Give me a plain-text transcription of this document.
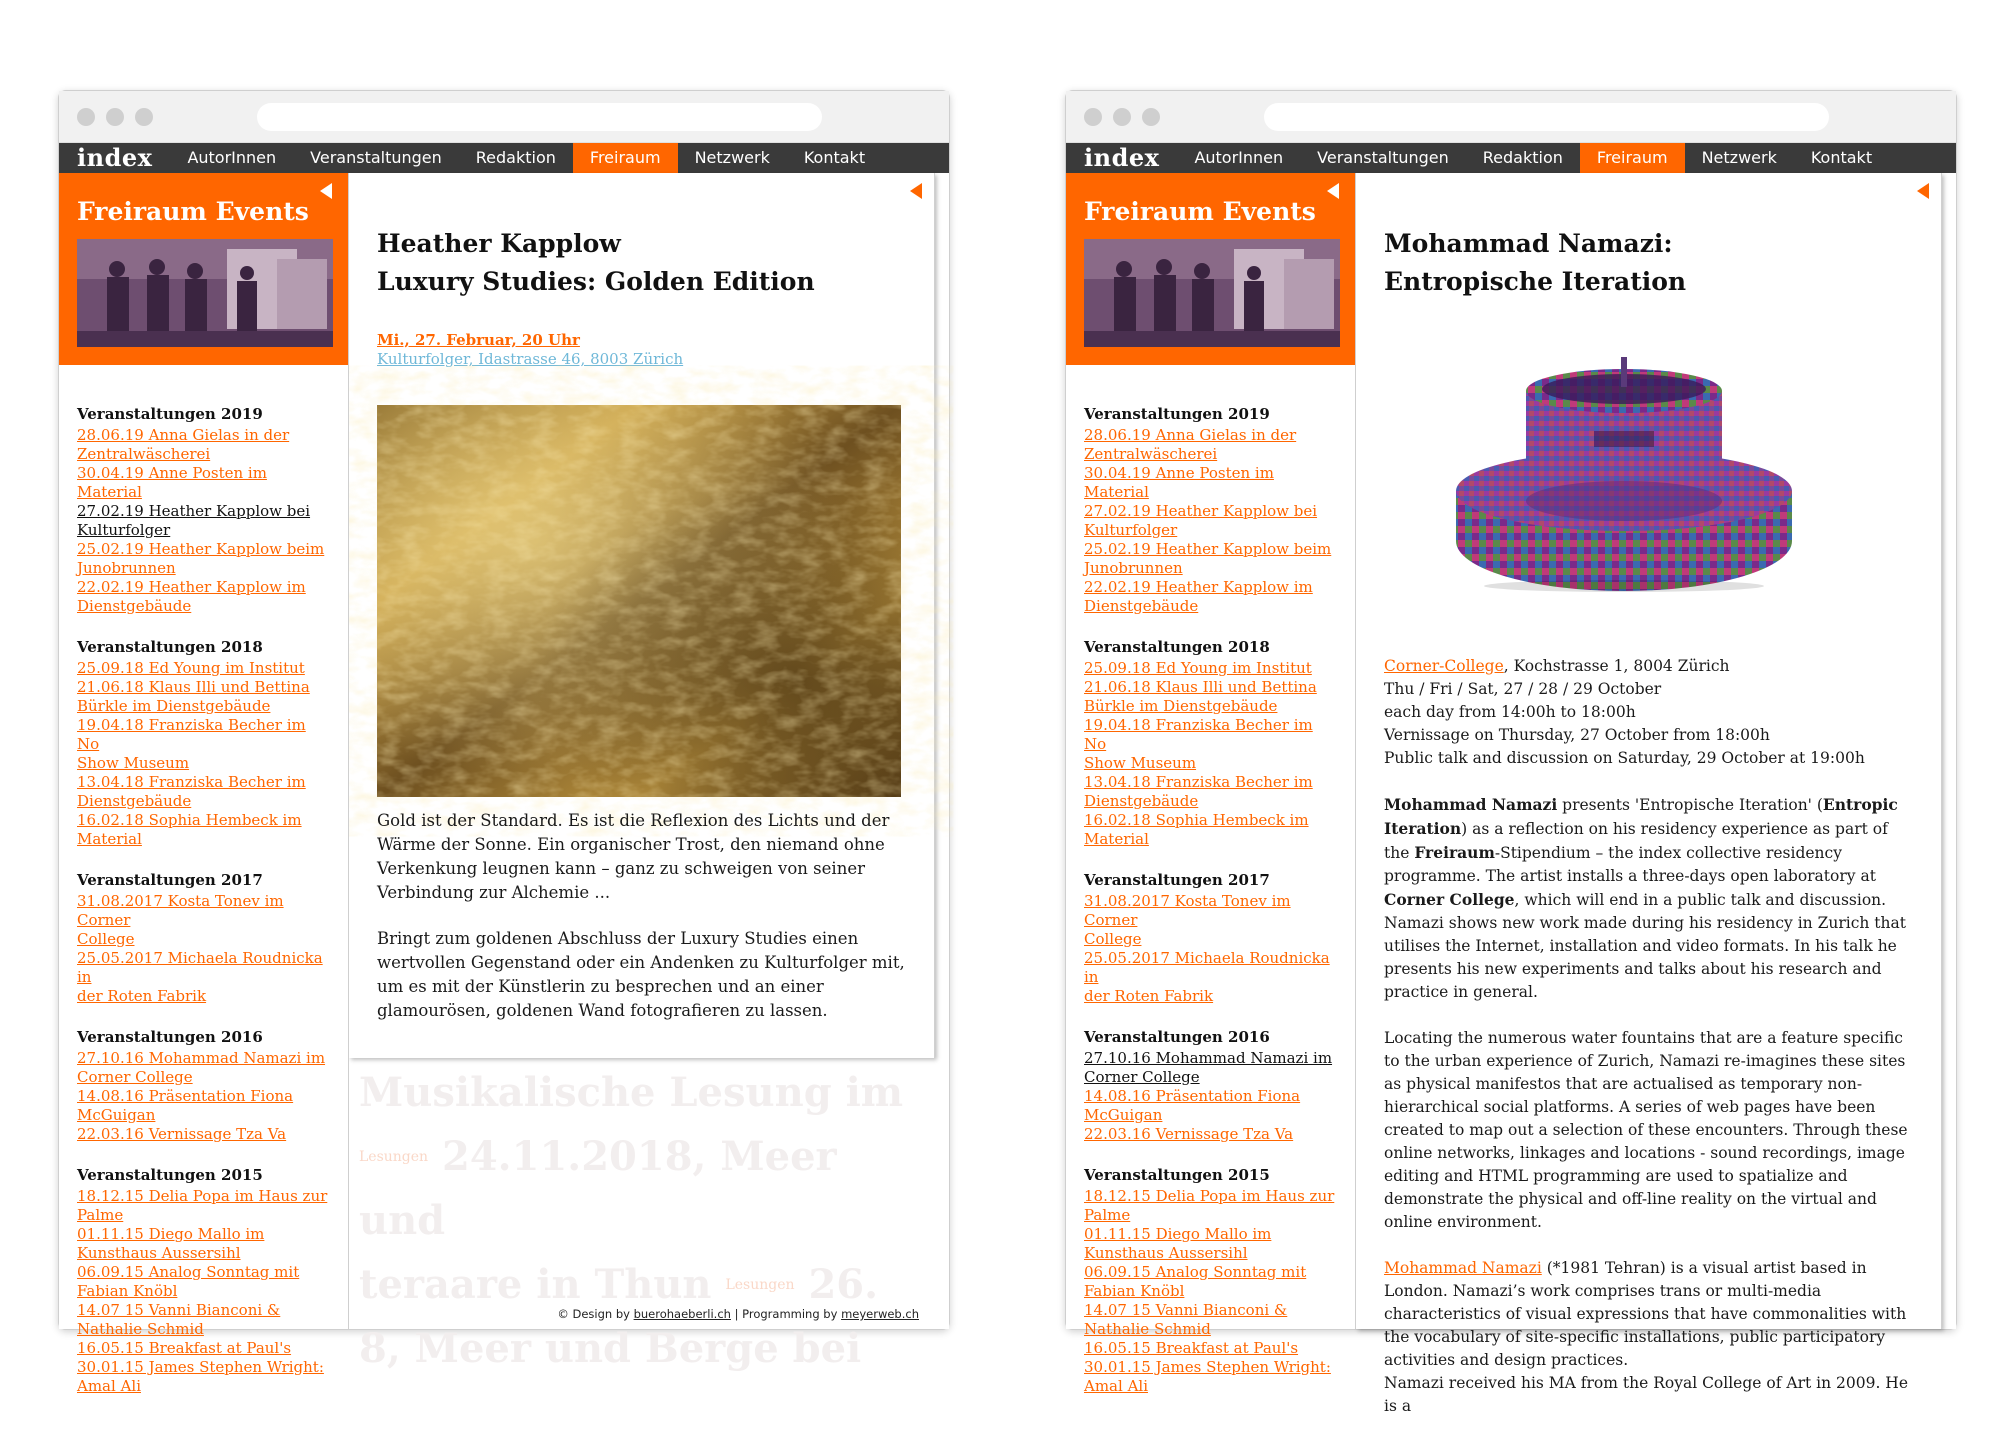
index	AutorInnen	Veranstaltungen	Redaktion	Freiraum	Netzwerk	Kontakt
Musikalische Lesung im
$^{Lesungen}$ 24.11.2018, Meer und
teraare in Thun $^{Lesungen}$ 26.
8, Meer und Berge bei
Heather Kapplow
Luxury Studies: Golden Edition
Mi., 27. Februar, 20 Uhr
Kulturfolger, Idastrasse 46, 8003 Zürich

Gold ist der Standard. Es ist die Reflexion des Lichts und der Wärme der Sonne. Ein organischer Trost, den niemand ohne Verkenkung leugnen kann – ganz zu schweigen von seiner Verbindung zur Alchemie ...

Bringt zum goldenen Abschluss der Luxury Studies einen wertvollen Gegenstand oder ein Andenken zu Kulturfolger mit, um es mit der Künstlerin zu besprechen und an einer glamourösen, goldenen Wand fotografieren zu lassen.

© Design by buerohaeberli.ch | Programming by meyerweb.ch
Freiraum Events
Veranstaltungen 2019
28.06.19 Anna Gielas in der
Zentralwäscherei
30.04.19 Anne Posten im Material
27.02.19 Heather Kapplow bei
Kulturfolger
25.02.19 Heather Kapplow beim
Junobrunnen
22.02.19 Heather Kapplow im
Dienstgebäude
Veranstaltungen 2018
25.09.18 Ed Young im Institut
21.06.18 Klaus Illi und Bettina
Bürkle im Dienstgebäude
19.04.18 Franziska Becher im No
Show Museum
13.04.18 Franziska Becher im
Dienstgebäude
16.02.18 Sophia Hembeck im
Material
Veranstaltungen 2017
31.08.2017 Kosta Tonev im Corner
College
25.05.2017 Michaela Roudnicka in
der Roten Fabrik
Veranstaltungen 2016
27.10.16 Mohammad Namazi im
Corner College
14.08.16 Präsentation Fiona
McGuigan
22.03.16 Vernissage Tza Va
Veranstaltungen 2015
18.12.15 Delia Popa im Haus zur
Palme
01.11.15 Diego Mallo im
Kunsthaus Aussersihl
06.09.15 Analog Sonntag mit
Fabian Knöbl
14.07 15 Vanni Bianconi &
Nathalie Schmid
16.05.15 Breakfast at Paul's
30.01.15 James Stephen Wright:
Amal Ali
index	AutorInnen	Veranstaltungen	Redaktion	Freiraum	Netzwerk	Kontakt
Mohammad Namazi:
Entropische Iteration

Corner-College, Kochstrasse 1, 8004 Zürich
Thu / Fri / Sat, 27 / 28 / 29 October
each day from 14:00h to 18:00h
Vernissage on Thursday, 27 October from 18:00h
Public talk and discussion on Saturday, 29 October at 19:00h

Mohammad Namazi presents 'Entropische Iteration' (Entropic Iteration) as a reflection on his residency experience as part of the Freiraum-Stipendium – the index collective residency programme. The artist installs a three-days open laboratory at Corner College, which will end in a public talk and discussion. Namazi shows new work made during his residency in Zurich that utilises the Internet, installation and video formats. In his talk he presents his new experiments and talks about his research and practice in general.

Locating the numerous water fountains that are a feature specific to the urban experience of Zurich, Namazi re-imagines these sites as physical manifestos that are actualised as temporary non-hierarchical social platforms. A series of web pages have been created to map out a selection of these encounters. Through these online networks, linkages and locations - sound recordings, image editing and HTML programming are used to spatialize and demonstrate the physical and off-line reality on the virtual and online environment.

Mohammad Namazi (*1981 Tehran) is a visual artist based in London. Namazi’s work comprises trans or multi-media characteristics of visual expressions that have commonalities with the vocabulary of site-specific installations, public participatory activities and design practices.
Namazi received his MA from the Royal College of Art in 2009. He is a

Freiraum Events
Veranstaltungen 2019
28.06.19 Anna Gielas in der
Zentralwäscherei
30.04.19 Anne Posten im Material
27.02.19 Heather Kapplow bei
Kulturfolger
25.02.19 Heather Kapplow beim
Junobrunnen
22.02.19 Heather Kapplow im
Dienstgebäude
Veranstaltungen 2018
25.09.18 Ed Young im Institut
21.06.18 Klaus Illi und Bettina
Bürkle im Dienstgebäude
19.04.18 Franziska Becher im No
Show Museum
13.04.18 Franziska Becher im
Dienstgebäude
16.02.18 Sophia Hembeck im
Material
Veranstaltungen 2017
31.08.2017 Kosta Tonev im Corner
College
25.05.2017 Michaela Roudnicka in
der Roten Fabrik
Veranstaltungen 2016
27.10.16 Mohammad Namazi im
Corner College
14.08.16 Präsentation Fiona
McGuigan
22.03.16 Vernissage Tza Va
Veranstaltungen 2015
18.12.15 Delia Popa im Haus zur
Palme
01.11.15 Diego Mallo im
Kunsthaus Aussersihl
06.09.15 Analog Sonntag mit
Fabian Knöbl
14.07 15 Vanni Bianconi &
Nathalie Schmid
16.05.15 Breakfast at Paul's
30.01.15 James Stephen Wright:
Amal Ali
